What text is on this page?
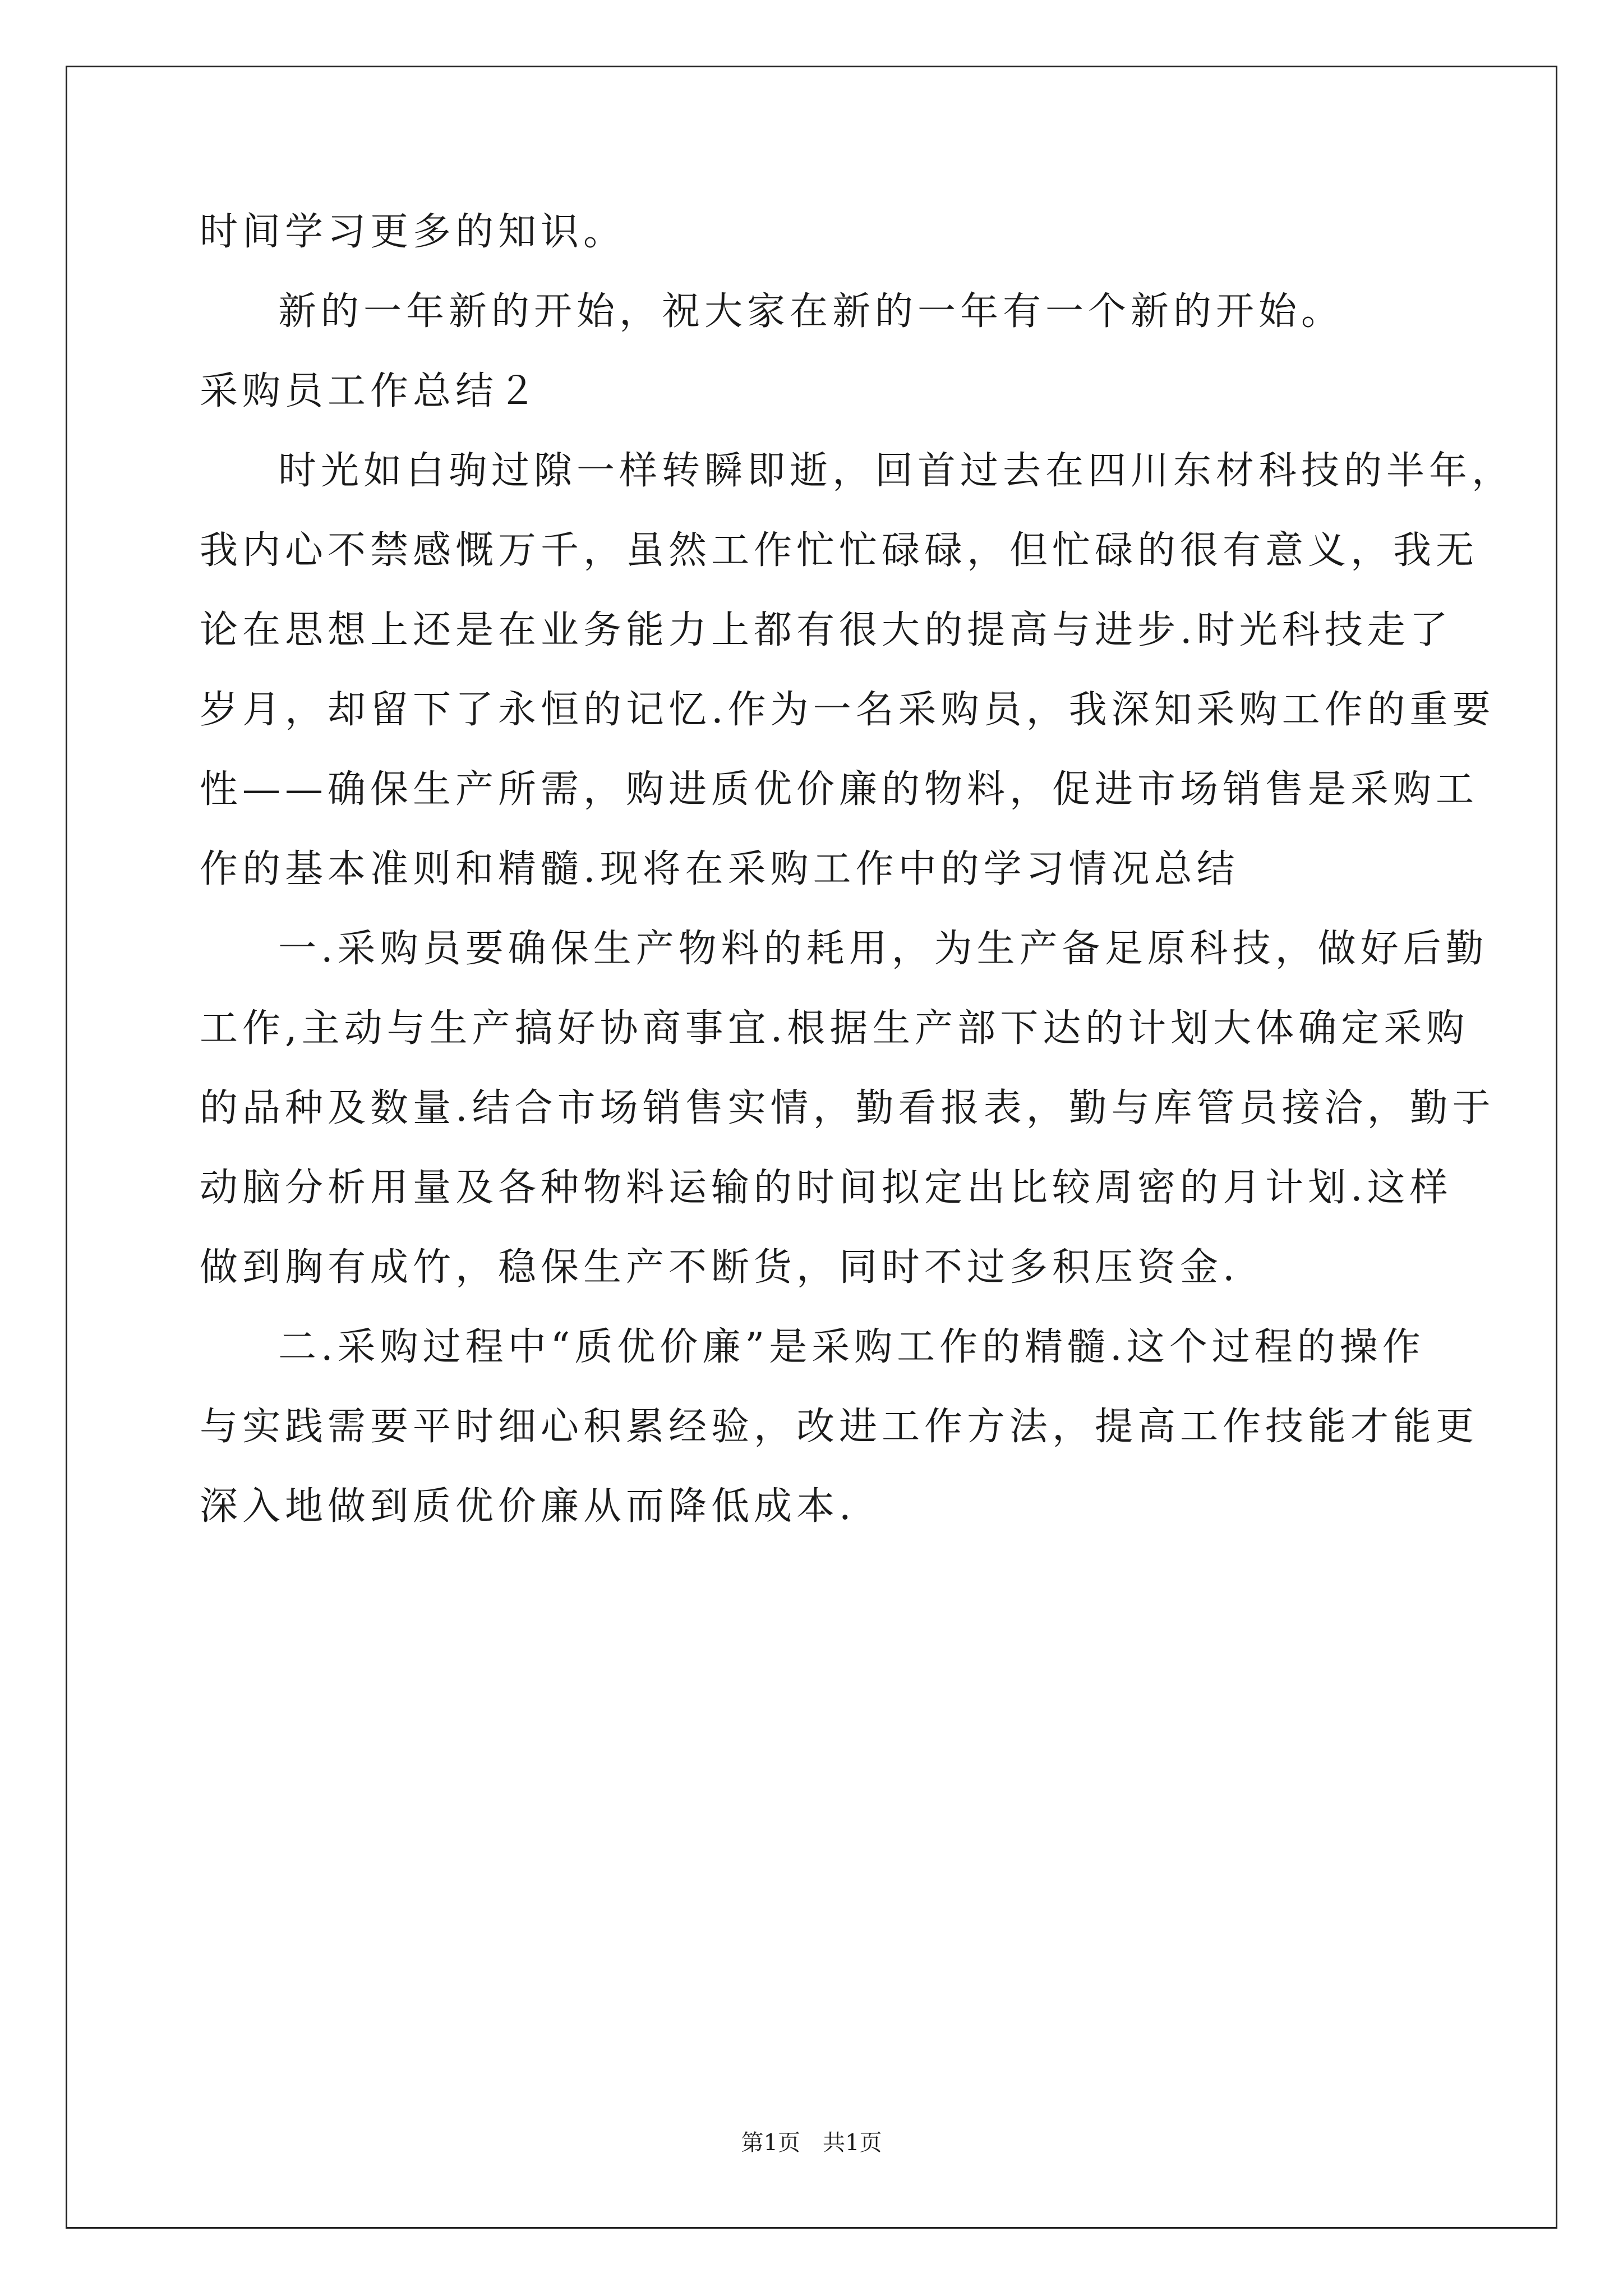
时间学习更多的知识。
新的一年新的开始，祝大家在新的一年有一个新的开始。
采购员工作总结２
时光如白驹过隙一样转瞬即逝，回首过去在四川东材科技的半年，
我内心不禁感慨万千，虽然工作忙忙碌碌，但忙碌的很有意义，我无
论在思想上还是在业务能力上都有很大的提高与进步.时光科技走了
岁月，却留下了永恒的记忆.作为一名采购员，我深知采购工作的重要
性——确保生产所需，购进质优价廉的物料，促进市场销售是采购工
作的基本准则和精髓.现将在采购工作中的学习情况总结
一.采购员要确保生产物料的耗用，为生产备足原科技，做好后勤
工作,主动与生产搞好协商事宜.根据生产部下达的计划大体确定采购
的品种及数量.结合市场销售实情，勤看报表，勤与库管员接洽，勤于
动脑分析用量及各种物料运输的时间拟定出比较周密的月计划.这样
做到胸有成竹，稳保生产不断货，同时不过多积压资金.
二.采购过程中“质优价廉”是采购工作的精髓.这个过程的操作
与实践需要平时细心积累经验，改进工作方法，提高工作技能才能更
深入地做到质优价廉从而降低成本.
第1页　共1页
